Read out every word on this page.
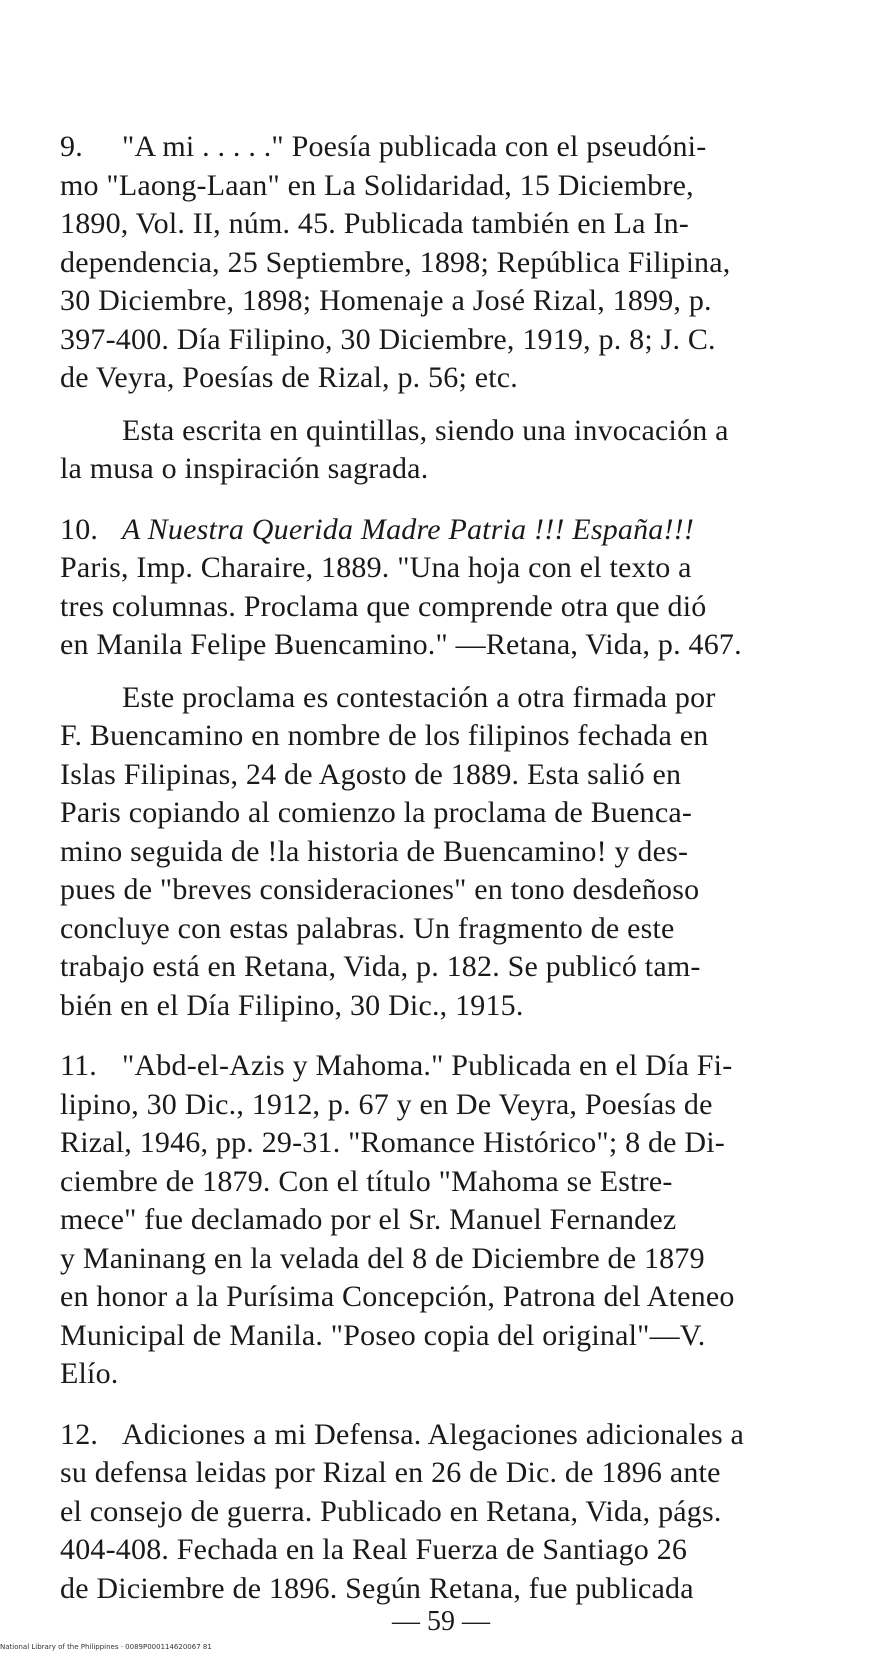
9. "A mi . . . . ." Poesía publicada con el pseudóni-
mo "Laong-Laan" en La Solidaridad, 15 Diciembre,
1890, Vol. II, núm. 45. Publicada también en La In-
dependencia, 25 Septiembre, 1898; República Filipina,
30 Diciembre, 1898; Homenaje a José Rizal, 1899, p.
397-400. Día Filipino, 30 Diciembre, 1919, p. 8; J. C.
de Veyra, Poesías de Rizal, p. 56; etc.
Esta escrita en quintillas, siendo una invocación a
la musa o inspiración sagrada.
10. A Nuestra Querida Madre Patria !!! España!!!
Paris, Imp. Charaire, 1889. "Una hoja con el texto a
tres columnas. Proclama que comprende otra que dió
en Manila Felipe Buencamino." —Retana, Vida, p. 467.
Este proclama es contestación a otra firmada por
F. Buencamino en nombre de los filipinos fechada en
Islas Filipinas, 24 de Agosto de 1889. Esta salió en
Paris copiando al comienzo la proclama de Buenca-
mino seguida de !la historia de Buencamino! y des-
pues de "breves consideraciones" en tono desdeñoso
concluye con estas palabras. Un fragmento de este
trabajo está en Retana, Vida, p. 182. Se publicó tam-
bién en el Día Filipino, 30 Dic., 1915.
11. "Abd-el-Azis y Mahoma." Publicada en el Día Fi-
lipino, 30 Dic., 1912, p. 67 y en De Veyra, Poesías de
Rizal, 1946, pp. 29-31. "Romance Histórico"; 8 de Di-
ciembre de 1879. Con el título "Mahoma se Estre-
mece" fue declamado por el Sr. Manuel Fernandez
y Maninang en la velada del 8 de Diciembre de 1879
en honor a la Purísima Concepción, Patrona del Ateneo
Municipal de Manila. "Poseo copia del original"—V.
Elío.
12. Adiciones a mi Defensa. Alegaciones adicionales a
su defensa leidas por Rizal en 26 de Dic. de 1896 ante
el consejo de guerra. Publicado en Retana, Vida, págs.
404-408. Fechada en la Real Fuerza de Santiago 26
de Diciembre de 1896. Según Retana, fue publicada
— 59 —
National Library of the Philippines · 0089P000114620067 81
